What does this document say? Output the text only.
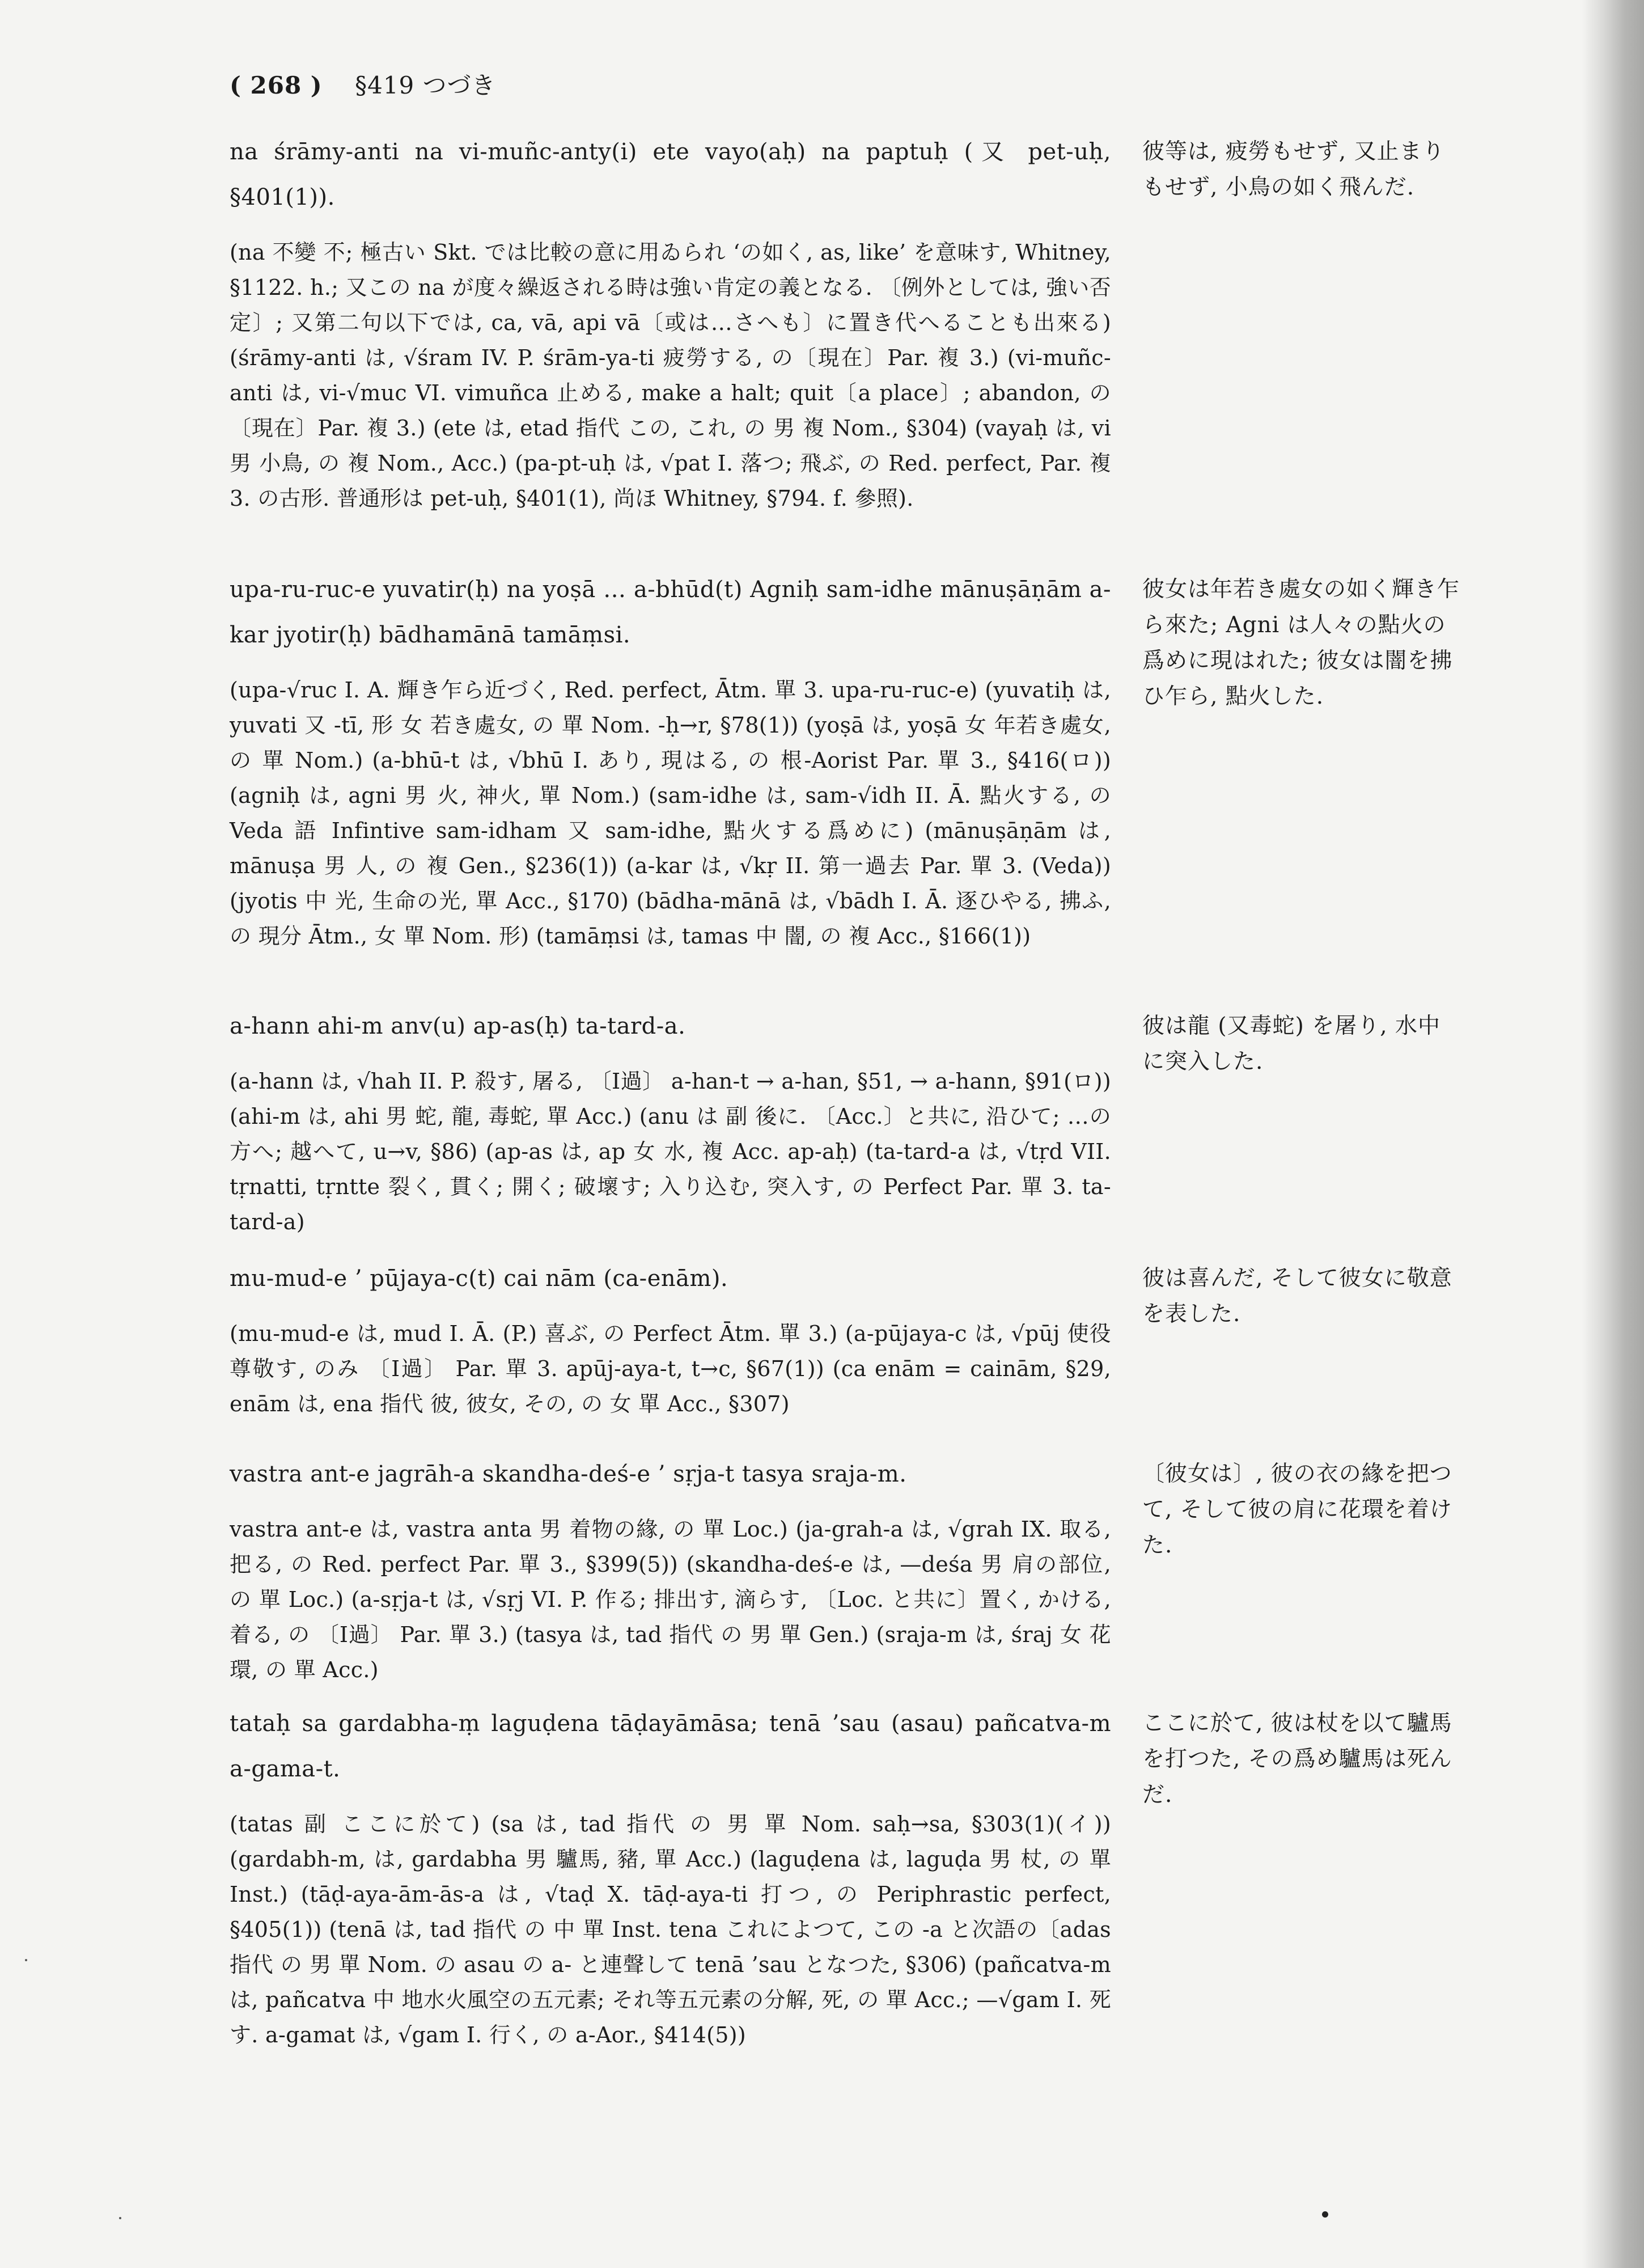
( 268 ) §419 つづき
na śrāmy-anti na vi-muñc-anty(i) ete vayo(aḥ) na paptuḥ (又 pet-uḥ, §401(1)).
(na 不變 不; 極古い Skt. では比較の意に用ゐられ ‘の如く, as, like’ を意味す, Whitney, §1122. h.; 又この na が度々繰返される時は強い肯定の義となる. 〔例外としては, 強い否定〕; 又第二句以下では, ca, vā, api vā〔或は…さへも〕に置き代へることも出來る) (śrāmy-anti は, √śram IV. P. śrām-ya-ti 疲勞する, の〔現在〕Par. 複 3.) (vi-muñc-anti は, vi-√muc VI. vimuñca 止める, make a halt; quit〔a place〕; abandon, の〔現在〕Par. 複 3.) (ete は, etad 指代 この, これ, の 男 複 Nom., §304) (vayaḥ は, vi 男 小鳥, の 複 Nom., Acc.) (pa-pt-uḥ は, √pat I. 落つ; 飛ぶ, の Red. perfect, Par. 複 3. の古形. 普通形は pet-uḥ, §401(1), 尚ほ Whitney, §794. f. 參照).
彼等は, 疲勞もせず, 又止まりもせず, 小鳥の如く飛んだ.
upa-ru-ruc-e yuvatir(ḥ) na yoṣā … a-bhūd(t) Agniḥ sam-idhe mānuṣāṇām a-kar jyotir(ḥ) bādhamānā tamāṃsi.
(upa-√ruc I. A. 輝き乍ら近づく, Red. perfect, Ātm. 單 3. upa-ru-ruc-e) (yuvatiḥ は, yuvati 又 -tī, 形 女 若き處女, の 單 Nom. -ḥ→r, §78(1)) (yoṣā は, yoṣā 女 年若き處女, の 單 Nom.) (a-bhū-t は, √bhū I. あり, 現はる, の 根-Aorist Par. 單 3., §416(ロ)) (agniḥ は, agni 男 火, 神火, 單 Nom.) (sam-idhe は, sam-√idh II. Ā. 點火する, の Veda 語 Infintive sam-idham 又 sam-idhe, 點火する爲めに) (mānuṣāṇām は, mānuṣa 男 人, の 複 Gen., §236(1)) (a-kar は, √kṛ II. 第一過去 Par. 單 3. (Veda)) (jyotis 中 光, 生命の光, 單 Acc., §170) (bādha-mānā は, √bādh I. Ā. 逐ひやる, 拂ふ, の 現分 Ātm., 女 單 Nom. 形) (tamāṃsi は, tamas 中 闇, の 複 Acc., §166(1))
彼女は年若き處女の如く輝き乍ら來た; Agni は人々の點火の爲めに現はれた; 彼女は闇を拂ひ乍ら, 點火した.
a-hann ahi-m anv(u) ap-as(ḥ) ta-tard-a.
(a-hann は, √hah II. P. 殺す, 屠る, 〔I過〕 a-han-t → a-han, §51, → a-hann, §91(ロ)) (ahi-m は, ahi 男 蛇, 龍, 毒蛇, 單 Acc.) (anu は 副 後に. 〔Acc.〕と共に, 沿ひて; …の方へ; 越へて, u→v, §86) (ap-as は, ap 女 水, 複 Acc. ap-aḥ) (ta-tard-a は, √tṛd VII. tṛnatti, tṛntte 裂く, 貫く; 開く; 破壞す; 入り込む, 突入す, の Perfect Par. 單 3. ta-tard-a)
彼は龍 (又毒蛇) を屠り, 水中に突入した.
mu-mud-e ’ pūjaya-c(t) cai nām (ca-enām).
(mu-mud-e は, mud I. Ā. (P.) 喜ぶ, の Perfect Ātm. 單 3.) (a-pūjaya-c は, √pūj 使役 尊敬す, のみ 〔I過〕 Par. 單 3. apūj-aya-t, t→c, §67(1)) (ca enām = cainām, §29, enām は, ena 指代 彼, 彼女, その, の 女 單 Acc., §307)
彼は喜んだ, そして彼女に敬意を表した.
vastra ant-e jagrāh-a skandha-deś-e ’ sṛja-t tasya sraja-m.
vastra ant-e は, vastra anta 男 着物の緣, の 單 Loc.) (ja-grah-a は, √grah IX. 取る, 把る, の Red. perfect Par. 單 3., §399(5)) (skandha-deś-e は, —deśa 男 肩の部位, の 單 Loc.) (a-sṛja-t は, √sṛj VI. P. 作る; 排出す, 滴らす, 〔Loc. と共に〕置く, かける, 着る, の 〔I過〕 Par. 單 3.) (tasya は, tad 指代 の 男 單 Gen.) (sraja-m は, śraj 女 花環, の 單 Acc.)
〔彼女は〕, 彼の衣の緣を把つて, そして彼の肩に花環を着けた.
tataḥ sa gardabha-ṃ laguḍena tāḍayāmāsa; tenā ’sau (asau) pañcatva-m a-gama-t.
(tatas 副 ここに於て) (sa は, tad 指代 の 男 單 Nom. saḥ→sa, §303(1)(イ)) (gardabh-m, は, gardabha 男 驢馬, 豬, 單 Acc.) (laguḍena は, laguḍa 男 杖, の 單 Inst.) (tāḍ-aya-ām-ās-a は, √taḍ X. tāḍ-aya-ti 打つ, の Periphrastic perfect, §405(1)) (tenā は, tad 指代 の 中 單 Inst. tena これによつて, この -a と次語の〔adas 指代 の 男 單 Nom. の asau の a- と連聲して tenā ’sau となつた, §306) (pañcatva-m は, pañcatva 中 地水火風空の五元素; それ等五元素の分解, 死, の 單 Acc.; —√gam I. 死す. a-gamat は, √gam I. 行く, の a-Aor., §414(5))
ここに於て, 彼は杖を以て驢馬を打つた, その爲め驢馬は死んだ.
